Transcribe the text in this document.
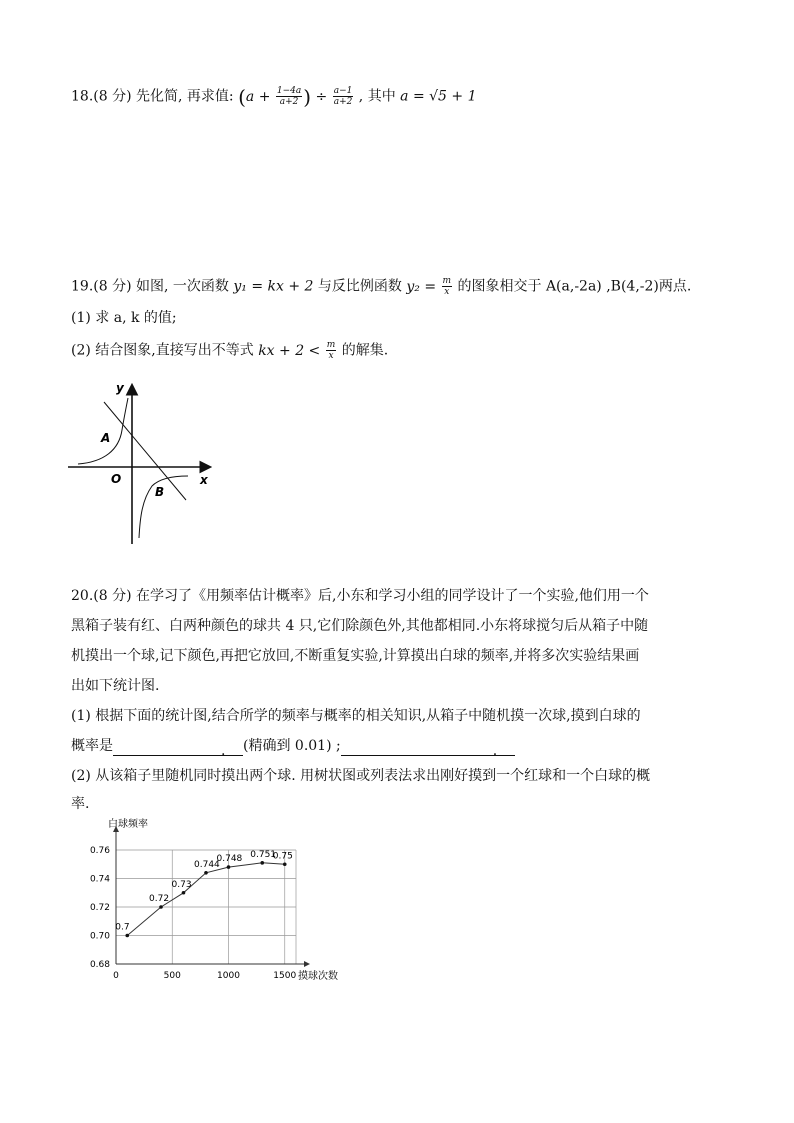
18.(8 分) 先化简, 再求值: ($a + \frac{1-4a}{a+2}$ ) ÷ $\frac{a-1}{a+2}$ , 其中 a = √5 + 1
19.(8 分) 如图, 一次函数 y₁ = kx + 2 与反比例函数 $y_2 = \frac{m}{x}$ 的图象相交于 A(a,-2a) ,B(4,-2)两点.
(1) 求 a, k 的值;
(2) 结合图象,直接写出不等式 kx + $2 < \frac{m}{x}$ 的解集.
y
x
O
A
B
20.(8 分) 在学习了《用频率估计概率》后,小东和学习小组的同学设计了一个实验,他们用一个
黑箱子装有红、白两种颜色的球共 4 只,它们除颜色外,其他都相同.小东将球搅匀后从箱子中随
机摸出一个球,记下颜色,再把它放回,不断重复实验,计算摸出白球的频率,并将多次实验结果画
出如下统计图.
(1) 根据下面的统计图,结合所学的频率与概率的相关知识,从箱子中随机摸一次球,摸到白球的
概率是	. (精确到 0.01) ;	.
(2) 从该箱子里随机同时摸出两个球. 用树状图或列表法求出刚好摸到一个红球和一个白球的概
率.
0.68
0.70
0.72
0.74
0.76
0	500	1000	1500
0.7
0.72
0.73
0.744
0.748 0.751
0.75
白球频率
摸球次数
